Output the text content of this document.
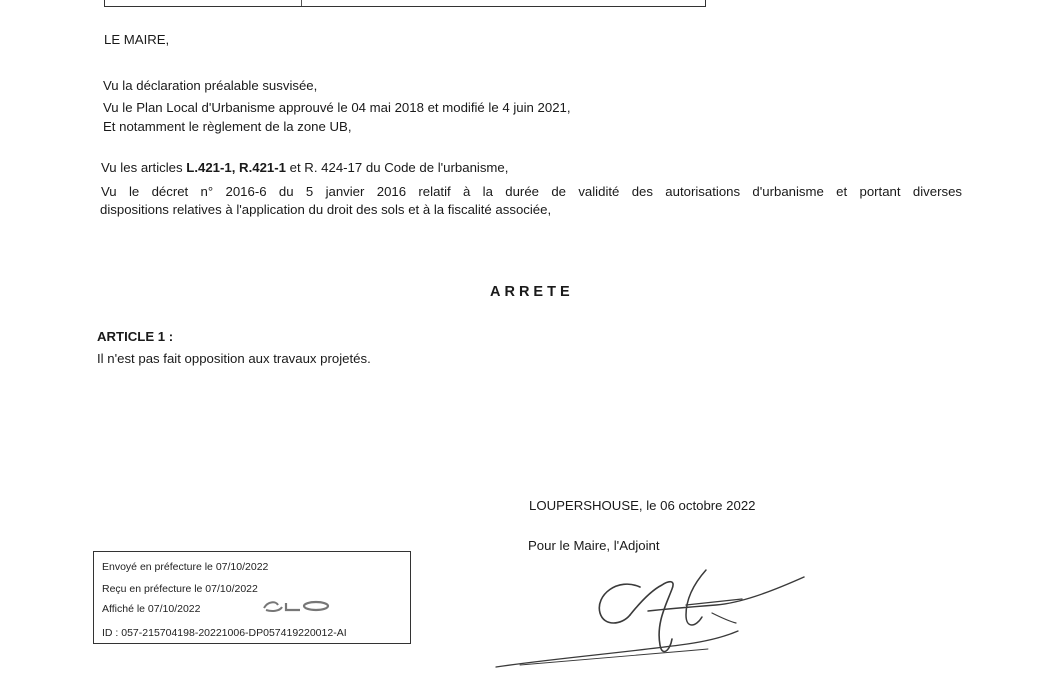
LE MAIRE,
Vu la déclaration préalable susvisée,
Vu le Plan Local d'Urbanisme approuvé le 04 mai 2018 et modifié le 4 juin 2021,
Et notamment le règlement de la zone UB,
Vu les articles L.421-1, R.421-1 et R. 424-17 du Code de l'urbanisme,
Vu le décret n° 2016-6 du 5 janvier 2016 relatif à la durée de validité des autorisations d'urbanisme et portant diverses
dispositions relatives à l'application du droit des sols et à la fiscalité associée,
ARRETE
ARTICLE 1 :
Il n'est pas fait opposition aux travaux projetés.
LOUPERSHOUSE, le 06 octobre 2022
Pour le Maire, l'Adjoint
Envoyé en préfecture le 07/10/2022
Reçu en préfecture le 07/10/2022
Affiché le 07/10/2022
ID : 057-215704198-20221006-DP057419220012-AI
